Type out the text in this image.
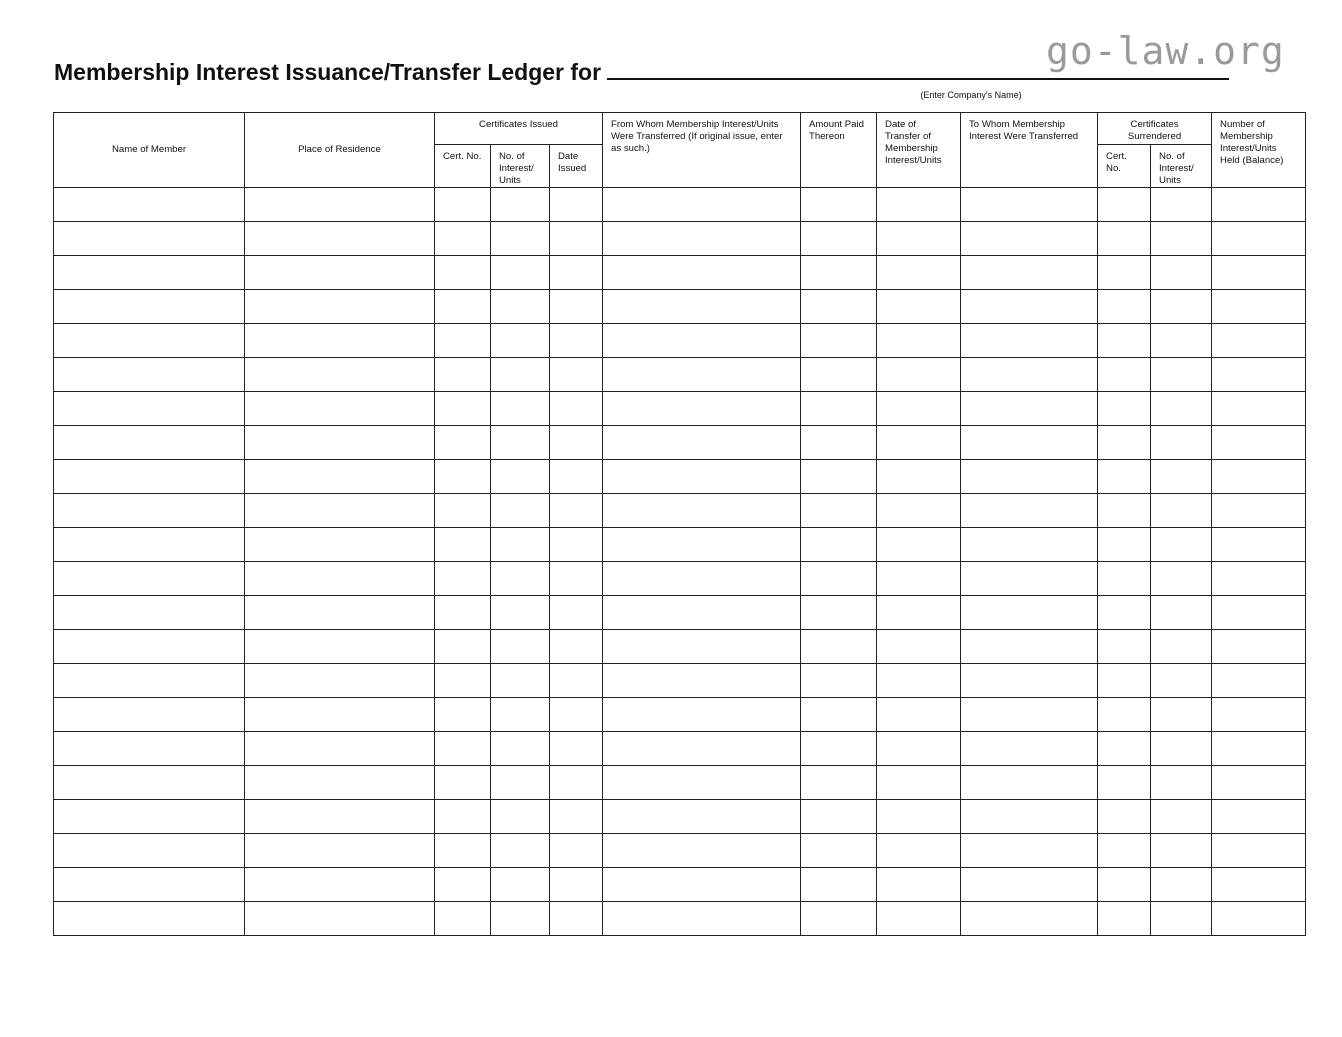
go-law.org
Membership Interest Issuance/Transfer Ledger for
(Enter Company's Name)
Name of Member	Place of Residence	Certificates Issued			From Whom Membership Interest/Units Were Transferred (If original issue, enter as such.)	Amount Paid Thereon	Date of Transfer of Membership Interest/Units	To Whom Membership Interest Were Transferred	Certificates Surrendered		Number of Membership Interest/Units Held (Balance)
		Cert. No.	No. of Interest/ Units	Date Issued					Cert. No.	No. of Interest/ Units	
